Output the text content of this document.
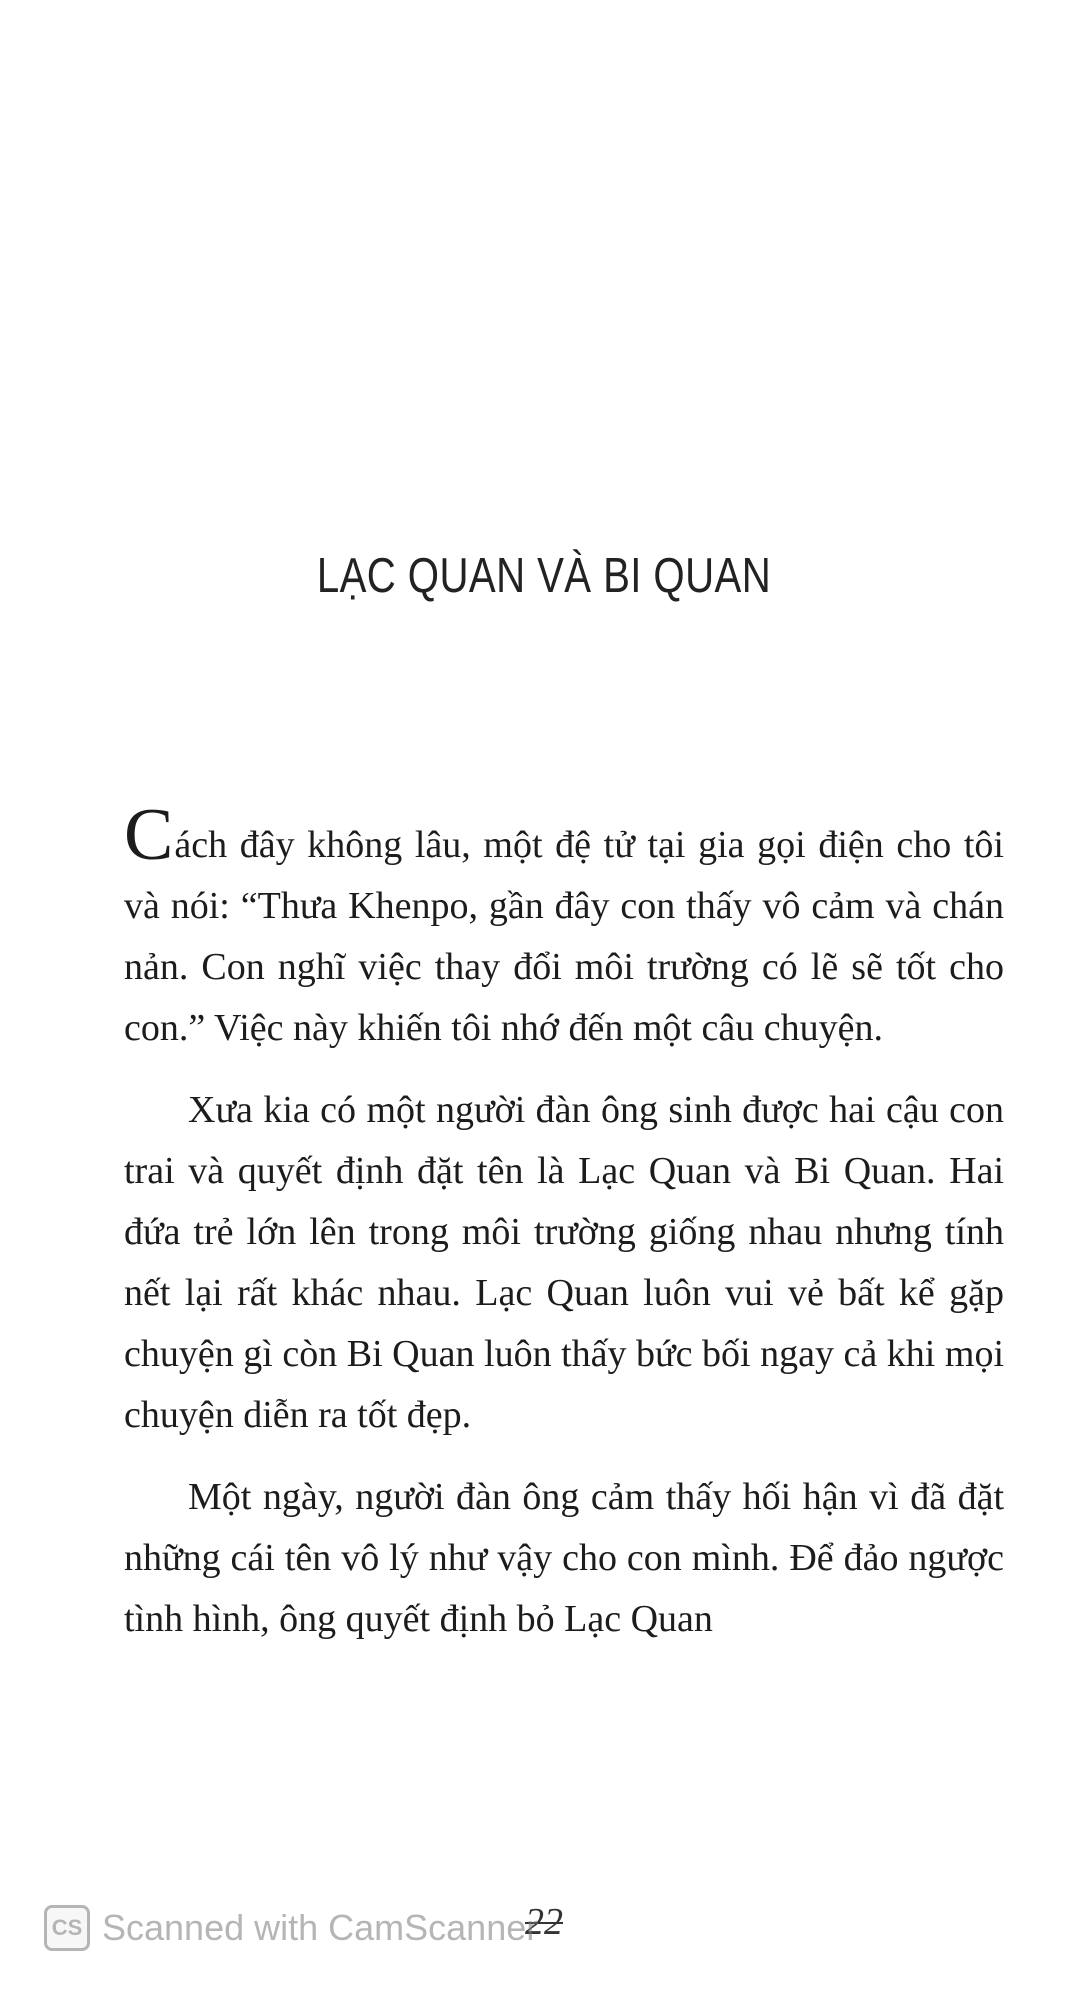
LẠC QUAN VÀ BI QUAN

Cách đây không lâu, một đệ tử tại gia gọi điện cho tôi và nói: “Thưa Khenpo, gần đây con thấy vô cảm và chán nản. Con nghĩ việc thay đổi môi trường có lẽ sẽ tốt cho con.” Việc này khiến tôi nhớ đến một câu chuyện.

Xưa kia có một người đàn ông sinh được hai cậu con trai và quyết định đặt tên là Lạc Quan và Bi Quan. Hai đứa trẻ lớn lên trong môi trường giống nhau nhưng tính nết lại rất khác nhau. Lạc Quan luôn vui vẻ bất kể gặp chuyện gì còn Bi Quan luôn thấy bức bối ngay cả khi mọi chuyện diễn ra tốt đẹp.

Một ngày, người đàn ông cảm thấy hối hận vì đã đặt những cái tên vô lý như vậy cho con mình. Để đảo ngược tình hình, ông quyết định bỏ Lạc Quan

22
CS Scanned with CamScanner
